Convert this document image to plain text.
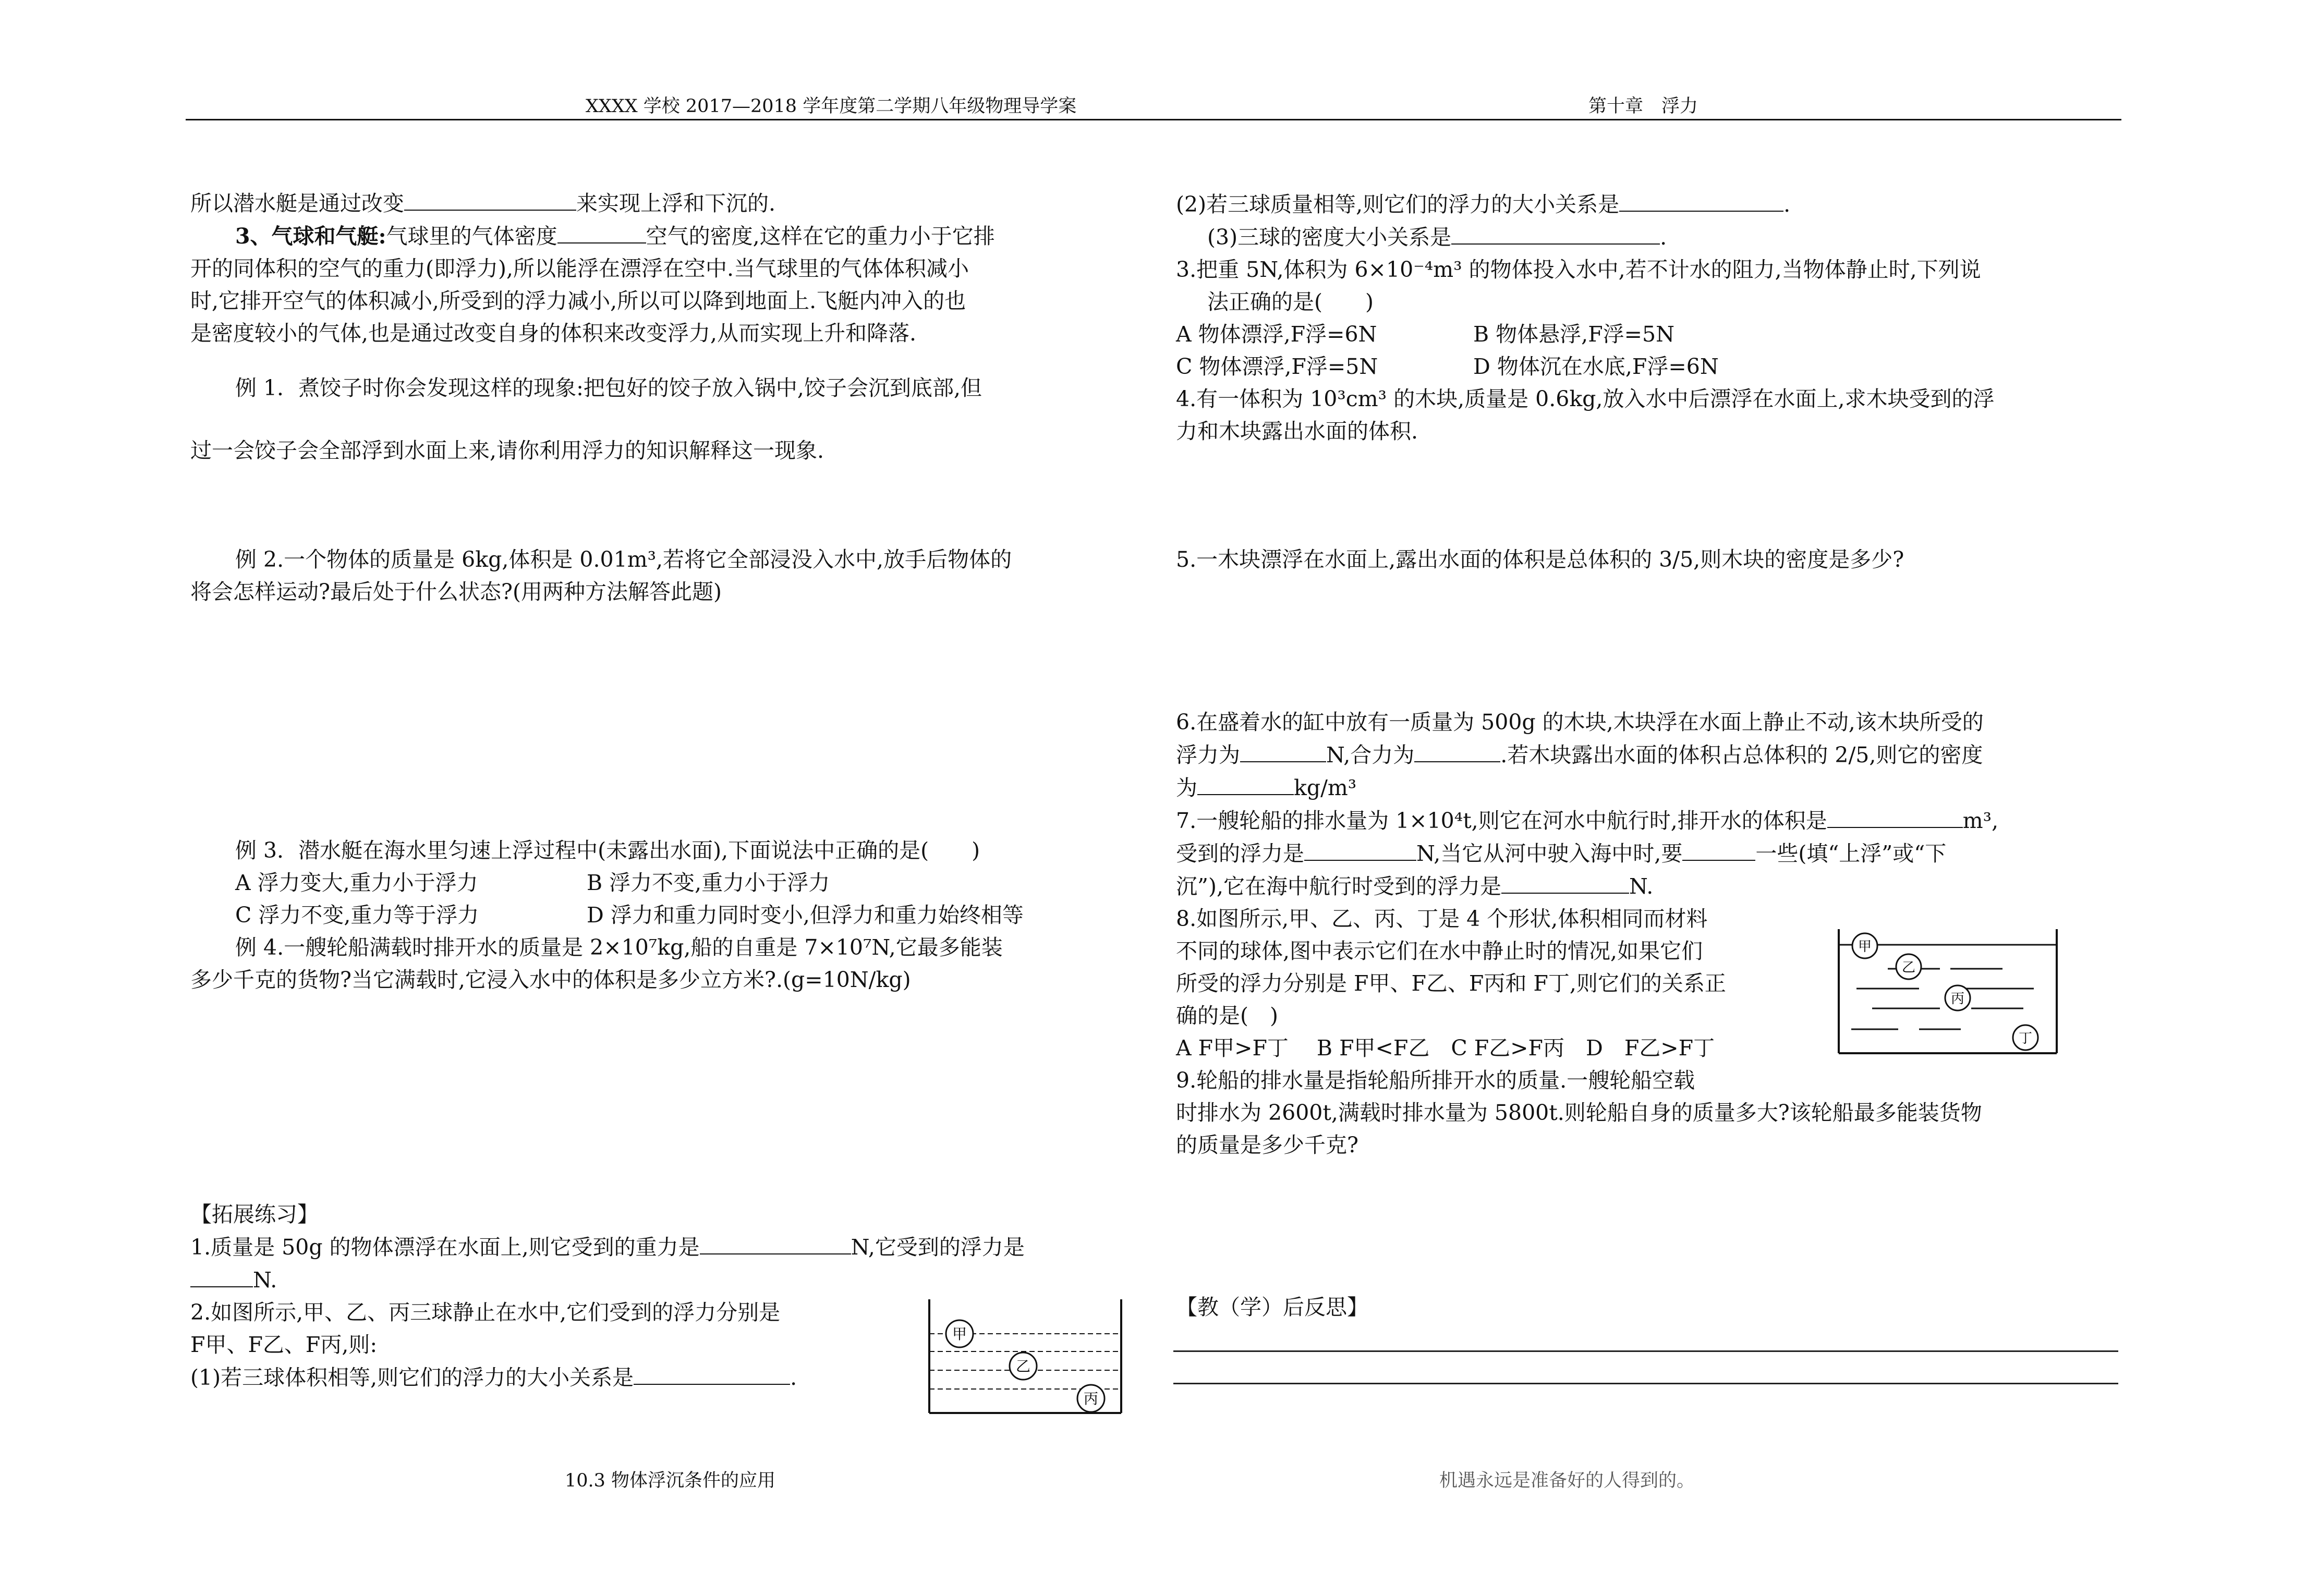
XXXX 学校 2017—2018 学年度第二学期八年级物理导学案	第十章　浮力

所以潜水艇是通过改变	来实现上浮和下沉的.

3、气球和气艇:气球里的气体密度	空气的密度,这样在它的重力小于它排

开的同体积的空气的重力(即浮力),所以能浮在漂浮在空中.当气球里的气体体积减小

时,它排开空气的体积减小,所受到的浮力减小,所以可以降到地面上.飞艇内冲入的也

是密度较小的气体,也是通过改变自身的体积来改变浮力,从而实现上升和降落.

例 1．煮饺子时你会发现这样的现象:把包好的饺子放入锅中,饺子会沉到底部,但

过一会饺子会全部浮到水面上来,请你利用浮力的知识解释这一现象.

例 2.一个物体的质量是 6kg,体积是 0.01m³,若将它全部浸没入水中,放手后物体的

将会怎样运动?最后处于什么状态?(用两种方法解答此题)

例 3．潜水艇在海水里匀速上浮过程中(未露出水面),下面说法中正确的是(　　)

A 浮力变大,重力小于浮力	B 浮力不变,重力小于浮力

C 浮力不变,重力等于浮力	D 浮力和重力同时变小,但浮力和重力始终相等

例 4.一艘轮船满载时排开水的质量是 2×10⁷kg,船的自重是 7×10⁷N,它最多能装

多少千克的货物?当它满载时,它浸入水中的体积是多少立方米?.(g=10N/kg)

【拓展练习】

1.质量是 50g 的物体漂浮在水面上,则它受到的重力是	N,它受到的浮力是

N.

2.如图所示,甲、乙、丙三球静止在水中,它们受到的浮力分别是

F甲、F乙、F丙,则:

(1)若三球体积相等,则它们的浮力的大小关系是	.

甲
乙
丙

(2)若三球质量相等,则它们的浮力的大小关系是	.

(3)三球的密度大小关系是	.

3.把重 5N,体积为 6×10⁻⁴m³ 的物体投入水中,若不计水的阻力,当物体静止时,下列说

法正确的是(　　)

A 物体漂浮,F浮=6N	B 物体悬浮,F浮=5N

C 物体漂浮,F浮=5N	D 物体沉在水底,F浮=6N

4.有一体积为 10³cm³ 的木块,质量是 0.6kg,放入水中后漂浮在水面上,求木块受到的浮

力和木块露出水面的体积.

5.一木块漂浮在水面上,露出水面的体积是总体积的 3/5,则木块的密度是多少?

6.在盛着水的缸中放有一质量为 500g 的木块,木块浮在水面上静止不动,该木块所受的

浮力为	N,合力为	.若木块露出水面的体积占总体积的 2/5,则它的密度

为	kg/m³

7.一艘轮船的排水量为 1×10⁴t,则它在河水中航行时,排开水的体积是	m³,

受到的浮力是	N,当它从河中驶入海中时,要	一些(填“上浮”或“下

沉”),它在海中航行时受到的浮力是	N.

8.如图所示,甲、乙、丙、丁是 4 个形状,体积相同而材料

不同的球体,图中表示它们在水中静止时的情况,如果它们

所受的浮力分别是 F甲、F乙、F丙和 F丁,则它们的关系正

确的是(　)

A F甲>F丁　 B F甲<F乙　C F乙>F丙　D　F乙>F丁

9.轮船的排水量是指轮船所排开水的质量.一艘轮船空载

时排水为 2600t,满载时排水量为 5800t.则轮船自身的质量多大?该轮船最多能装货物

的质量是多少千克?

甲
乙
丙
丁

【教（学）后反思】

10.3 物体浮沉条件的应用	机遇永远是准备好的人得到的。
